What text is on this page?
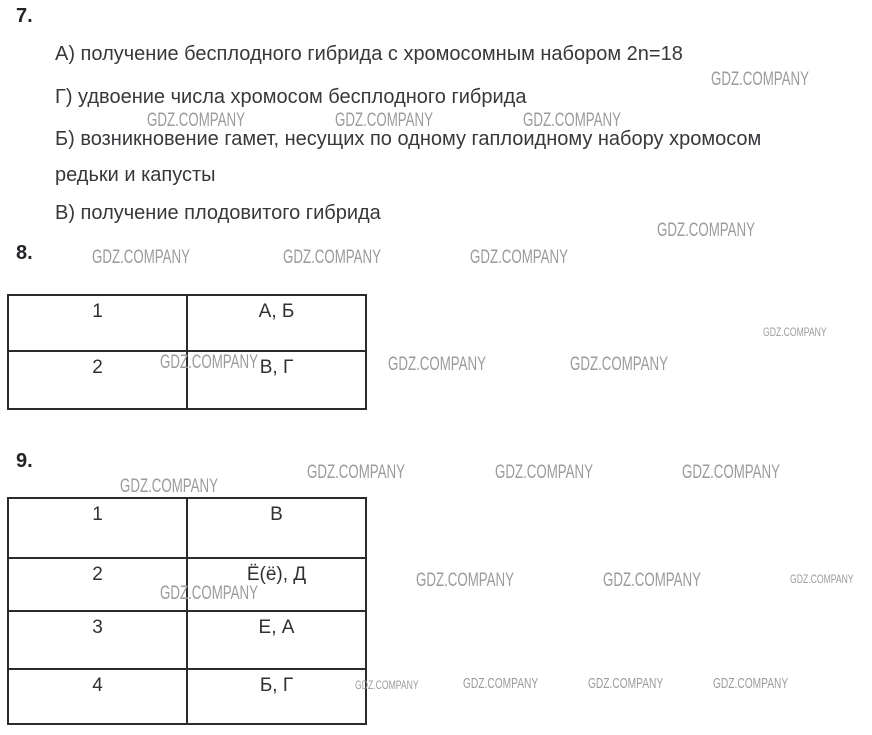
7.
А) получение бесплодного гибрида с хромосомным набором 2n=18
Г) удвоение числа хромосом бесплодного гибрида
Б) возникновение гамет, несущих по одному гаплоидному набору хромосом
редьки и капусты
В) получение плодовитого гибрида
8.
1	А, Б
2	В, Г
9.
1	В
2	Ё(ё), Д
3	Е, А
4	Б, Г
GDZ.COMPANY
GDZ.COMPANY	GDZ.COMPANY	GDZ.COMPANY
GDZ.COMPANY
GDZ.COMPANY	GDZ.COMPANY	GDZ.COMPANY
GDZ.COMPANY
GDZ.COMPANY	GDZ.COMPANY	GDZ.COMPANY
GDZ.COMPANY	GDZ.COMPANY	GDZ.COMPANY
GDZ.COMPANY
GDZ.COMPANY	GDZ.COMPANY	GDZ.COMPANY
GDZ.COMPANY
GDZ.COMPANY	GDZ.COMPANY	GDZ.COMPANY	GDZ.COMPANY
